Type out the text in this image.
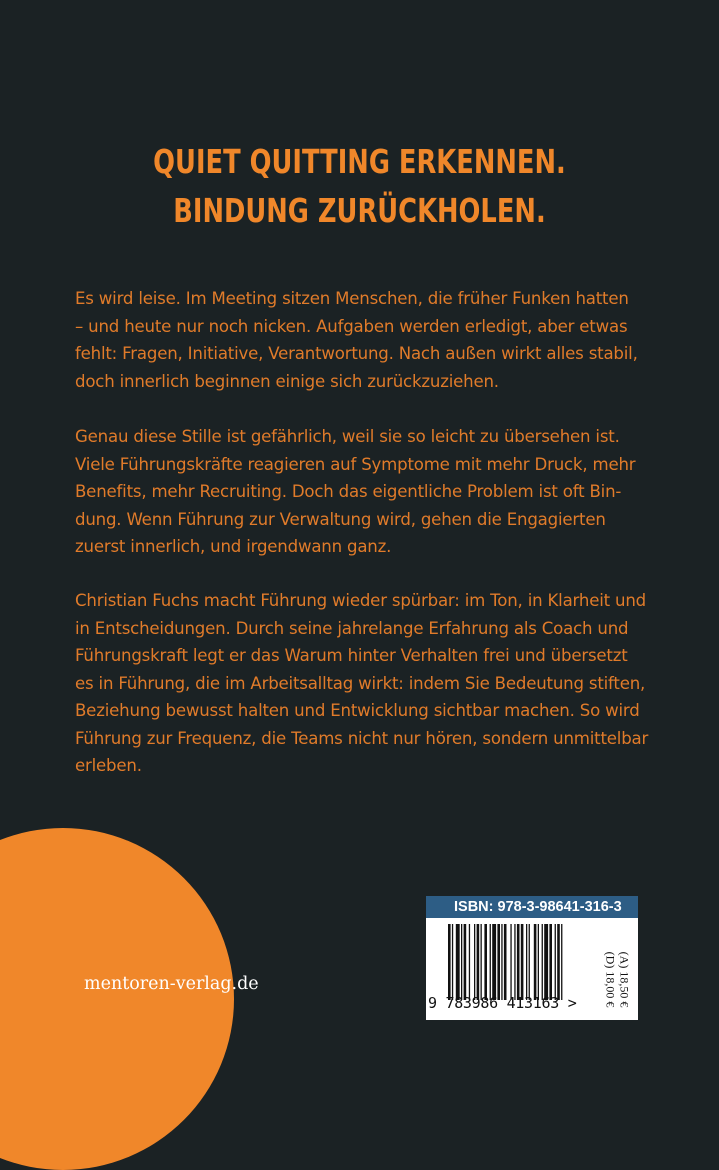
QUIET QUITTING ERKENNEN.
BINDUNG ZURÜCKHOLEN.
Es wird leise. Im Meeting sitzen Menschen, die früher Funken hatten
– und heute nur noch nicken. Aufgaben werden erledigt, aber etwas
fehlt: Fragen, Initiative, Verantwortung. Nach außen wirkt alles stabil,
doch innerlich beginnen einige sich zurückzuziehen.
Genau diese Stille ist gefährlich, weil sie so leicht zu übersehen ist.
Viele Führungskräfte reagieren auf Symptome mit mehr Druck, mehr
Benefits, mehr Recruiting. Doch das eigentliche Problem ist oft Bin-
dung. Wenn Führung zur Verwaltung wird, gehen die Engagierten
zuerst innerlich, und irgendwann ganz.
Christian Fuchs macht Führung wieder spürbar: im Ton, in Klarheit und
in Entscheidungen. Durch seine jahrelange Erfahrung als Coach und
Führungskraft legt er das Warum hinter Verhalten frei und übersetzt
es in Führung, die im Arbeitsalltag wirkt: indem Sie Bedeutung stiften,
Beziehung bewusst halten und Entwicklung sichtbar machen. So wird
Führung zur Frequenz, die Teams nicht nur hören, sondern unmittelbar
erleben.
mentoren-verlag.de
ISBN: 978-3-98641-316-3
9 783986 413163 > (D) 18,00 € (A) 18,50 €
